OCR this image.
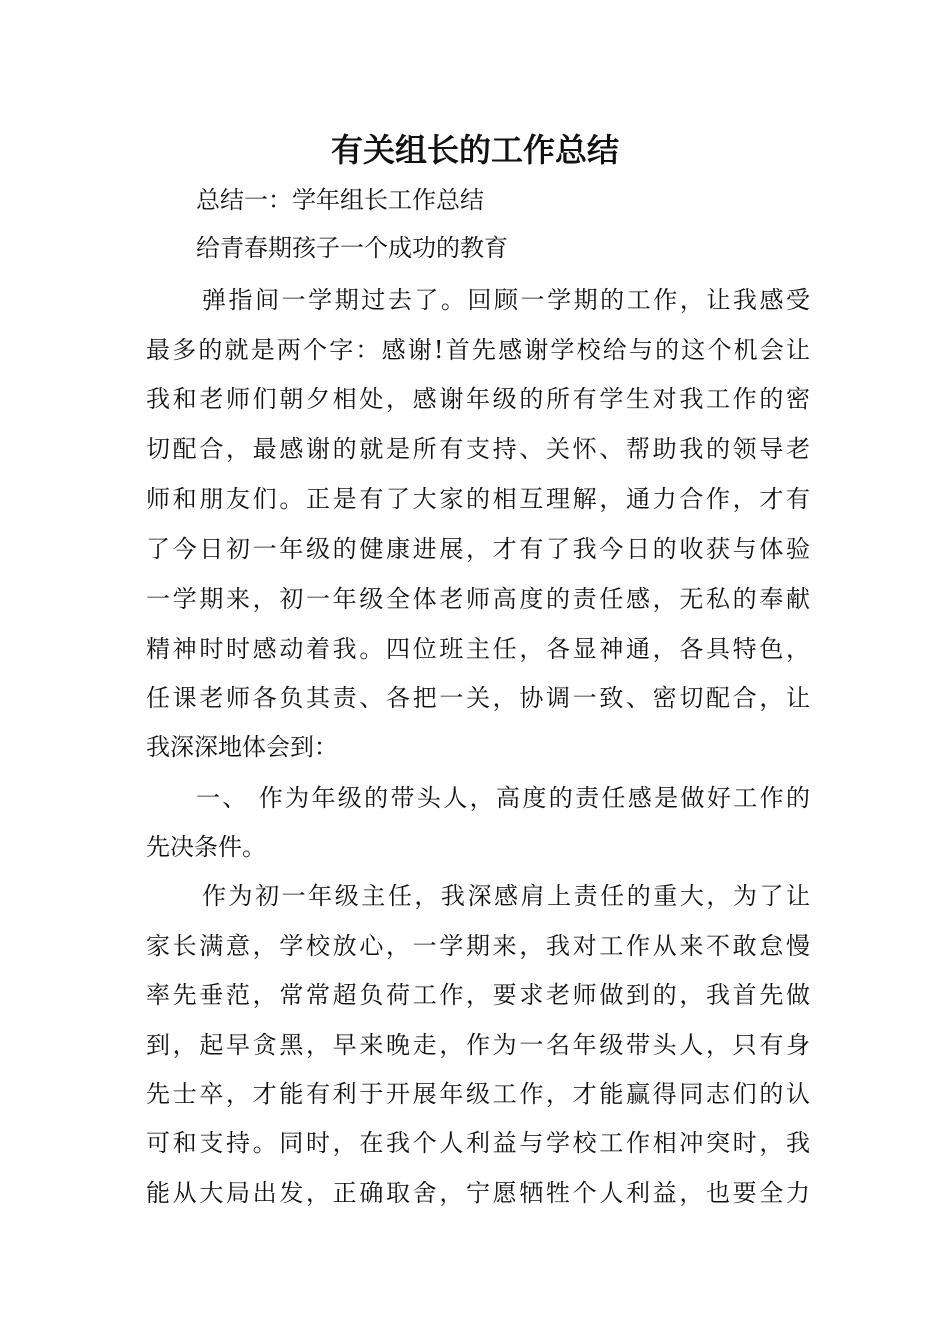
有关组长的工作总结
总结一：学年组长工作总结
给青春期孩子一个成功的教育
弹指间一学期过去了。回顾一学期的工作，让我感受
最多的就是两个字：感谢!首先感谢学校给与的这个机会让
我和老师们朝夕相处，感谢年级的所有学生对我工作的密
切配合，最感谢的就是所有支持、关怀、帮助我的领导老
师和朋友们。正是有了大家的相互理解，通力合作，才有
了今日初一年级的健康进展，才有了我今日的收获与体验
一学期来，初一年级全体老师高度的责任感，无私的奉献
精神时时感动着我。四位班主任，各显神通，各具特色，
任课老师各负其责、各把一关，协调一致、密切配合，让
我深深地体会到：
一、 作为年级的带头人，高度的责任感是做好工作的
先决条件。
作为初一年级主任，我深感肩上责任的重大，为了让
家长满意，学校放心，一学期来，我对工作从来不敢怠慢
率先垂范，常常超负荷工作，要求老师做到的，我首先做
到，起早贪黑，早来晚走，作为一名年级带头人，只有身
先士卒，才能有利于开展年级工作，才能赢得同志们的认
可和支持。同时，在我个人利益与学校工作相冲突时，我
能从大局出发，正确取舍，宁愿牺牲个人利益，也要全力
